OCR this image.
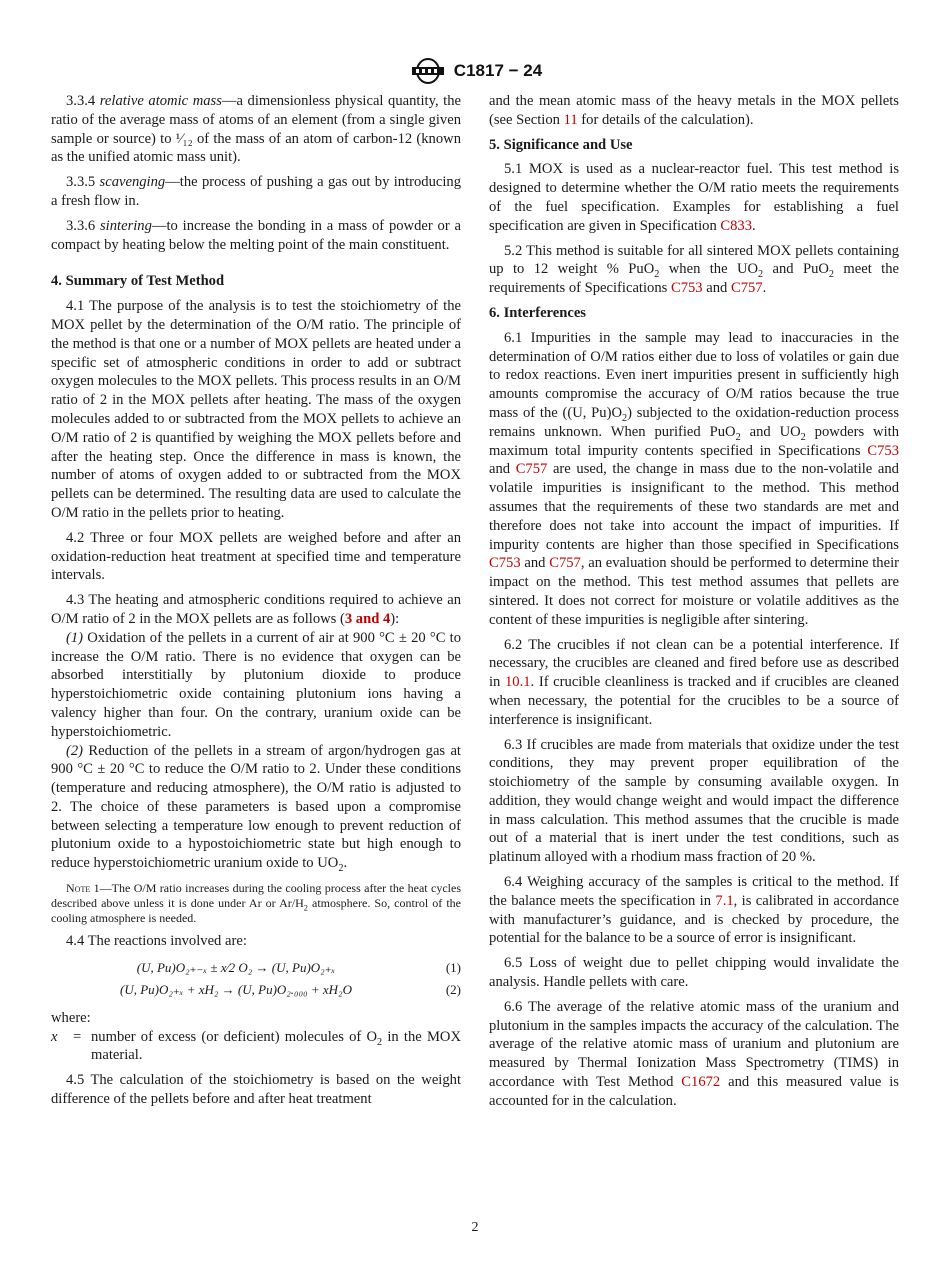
C1817 − 24

3.3.4 relative atomic mass—a dimensionless physical quantity, the ratio of the average mass of atoms of an element (from a single given sample or source) to ¹⁄₁₂ of the mass of an atom of carbon-12 (known as the unified atomic mass unit).

3.3.5 scavenging—the process of pushing a gas out by introducing a fresh flow in.

3.3.6 sintering—to increase the bonding in a mass of powder or a compact by heating below the melting point of the main constituent.

4. Summary of Test Method

4.1 The purpose of the analysis is to test the stoichiometry of the MOX pellet by the determination of the O/M ratio. The principle of the method is that one or a number of MOX pellets are heated under a specific set of atmospheric conditions in order to add or subtract oxygen molecules to the MOX pellets. This process results in an O/M ratio of 2 in the MOX pellets after heating. The mass of the oxygen molecules added to or subtracted from the MOX pellets to achieve an O/M ratio of 2 is quantified by weighing the MOX pellets before and after the heating step. Once the difference in mass is known, the number of atoms of oxygen added to or subtracted from the MOX pellets can be determined. The resulting data are used to calculate the O/M ratio in the pellets prior to heating.

4.2 Three or four MOX pellets are weighed before and after an oxidation-reduction heat treatment at specified time and temperature intervals.

4.3 The heating and atmospheric conditions required to achieve an O/M ratio of 2 in the MOX pellets are as follows (3 and 4):

(1) Oxidation of the pellets in a current of air at 900 °C ± 20 °C to increase the O/M ratio. There is no evidence that oxygen can be absorbed interstitially by plutonium dioxide to produce hyperstoichiometric oxide containing plutonium ions having a valency higher than four. On the contrary, uranium oxide can be hyperstoichiometric.

(2) Reduction of the pellets in a stream of argon/hydrogen gas at 900 °C ± 20 °C to reduce the O/M ratio to 2. Under these conditions (temperature and reducing atmosphere), the O/M ratio is adjusted to 2. The choice of these parameters is based upon a compromise between selecting a temperature low enough to prevent reduction of plutonium oxide to a hypostoichiometric state but high enough to reduce hyperstoichiometric uranium oxide to $UO_2$.

Note 1—The O/M ratio increases during the cooling process after the heat cycles described above unless it is done under Ar or $Ar/H_2$ atmosphere. So, control of the cooling atmosphere is needed.

4.4 The reactions involved are:

(U, Pu)O₂₊₋ₓ ± x⁄2 O₂ → (U, Pu)O₂₊ₓ	(1)
(U, Pu)O₂₊ₓ + xH₂ → (U, Pu)O₂.₀₀₀ + xH₂O	(2)

where:

x	= number of excess (or deficient) molecules of $O_2$ in the MOX material.

4.5 The calculation of the stoichiometry is based on the weight difference of the pellets before and after heat treatment

and the mean atomic mass of the heavy metals in the MOX pellets (see Section 11 for details of the calculation).

5. Significance and Use

5.1 MOX is used as a nuclear-reactor fuel. This test method is designed to determine whether the O/M ratio meets the requirements of the fuel specification. Examples for establishing a fuel specification are given in Specification C833.

5.2 This method is suitable for all sintered MOX pellets containing up to 12 weight % PuO$_2$ when the $UO_2$ and PuO$_2$ meet the requirements of Specifications C753 and C757.

6. Interferences

6.1 Impurities in the sample may lead to inaccuracies in the determination of O/M ratios either due to loss of volatiles or gain due to redox reactions. Even inert impurities present in sufficiently high amounts compromise the accuracy of O/M ratios because the true mass of the ((U, $Pu)O_2$) subjected to the oxidation-reduction process remains unknown. When purified PuO$_2$ and $UO_2$ powders with maximum total impurity contents specified in Specifications C753 and C757 are used, the change in mass due to the non-volatile and volatile impurities is insignificant to the method. This method assumes that the requirements of these two standards are met and therefore does not take into account the impact of impurities. If impurity contents are higher than those specified in Specifications C753 and C757, an evaluation should be performed to determine their impact on the method. This test method assumes that pellets are sintered. It does not correct for moisture or volatile additives as the content of these impurities is negligible after sintering.

6.2 The crucibles if not clean can be a potential interference. If necessary, the crucibles are cleaned and fired before use as described in 10.1. If crucible cleanliness is tracked and if crucibles are cleaned when necessary, the potential for the crucibles to be a source of interference is insignificant.

6.3 If crucibles are made from materials that oxidize under the test conditions, they may prevent proper equilibration of the stoichiometry of the sample by consuming available oxygen. In addition, they would change weight and would impact the difference in mass calculation. This method assumes that the crucible is made out of a material that is inert under the test conditions, such as platinum alloyed with a rhodium mass fraction of 20 %.

6.4 Weighing accuracy of the samples is critical to the method. If the balance meets the specification in 7.1, is calibrated in accordance with manufacturer’s guidance, and is checked by procedure, the potential for the balance to be a source of error is insignificant.

6.5 Loss of weight due to pellet chipping would invalidate the analysis. Handle pellets with care.

6.6 The average of the relative atomic mass of the uranium and plutonium in the samples impacts the accuracy of the calculation. The average of the relative atomic mass of uranium and plutonium are measured by Thermal Ionization Mass Spectrometry (TIMS) in accordance with Test Method C1672 and this measured value is accounted for in the calculation.

2
